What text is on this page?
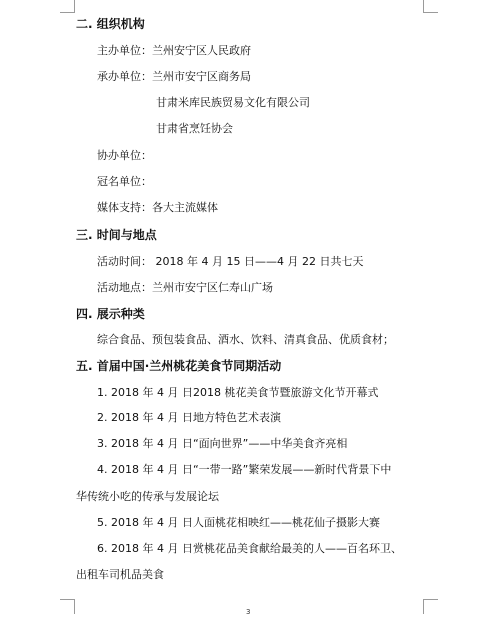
二. 组织机构
主办单位：兰州安宁区人民政府
承办单位：兰州市安宁区商务局
甘肃米库民族贸易文化有限公司
甘肃省烹饪协会
协办单位：
冠名单位：
媒体支持：各大主流媒体
三. 时间与地点
活动时间： 2018 年 4 月 15 日——4 月 22 日共七天
活动地点：兰州市安宁区仁寿山广场
四. 展示种类
综合食品、预包装食品、酒水、饮料、清真食品、优质食材；
五. 首届中国·兰州桃花美食节同期活动
1. 2018 年 4 月 日2018 桃花美食节暨旅游文化节开幕式
2. 2018 年 4 月 日地方特色艺术表演
3. 2018 年 4 月 日“面向世界”——中华美食齐亮相
4. 2018 年 4 月 日“一带一路”繁荣发展——新时代背景下中
华传统小吃的传承与发展论坛
5. 2018 年 4 月 日人面桃花相映红——桃花仙子摄影大赛
6. 2018 年 4 月 日赏桃花品美食献给最美的人——百名环卫、
出租车司机品美食
3
